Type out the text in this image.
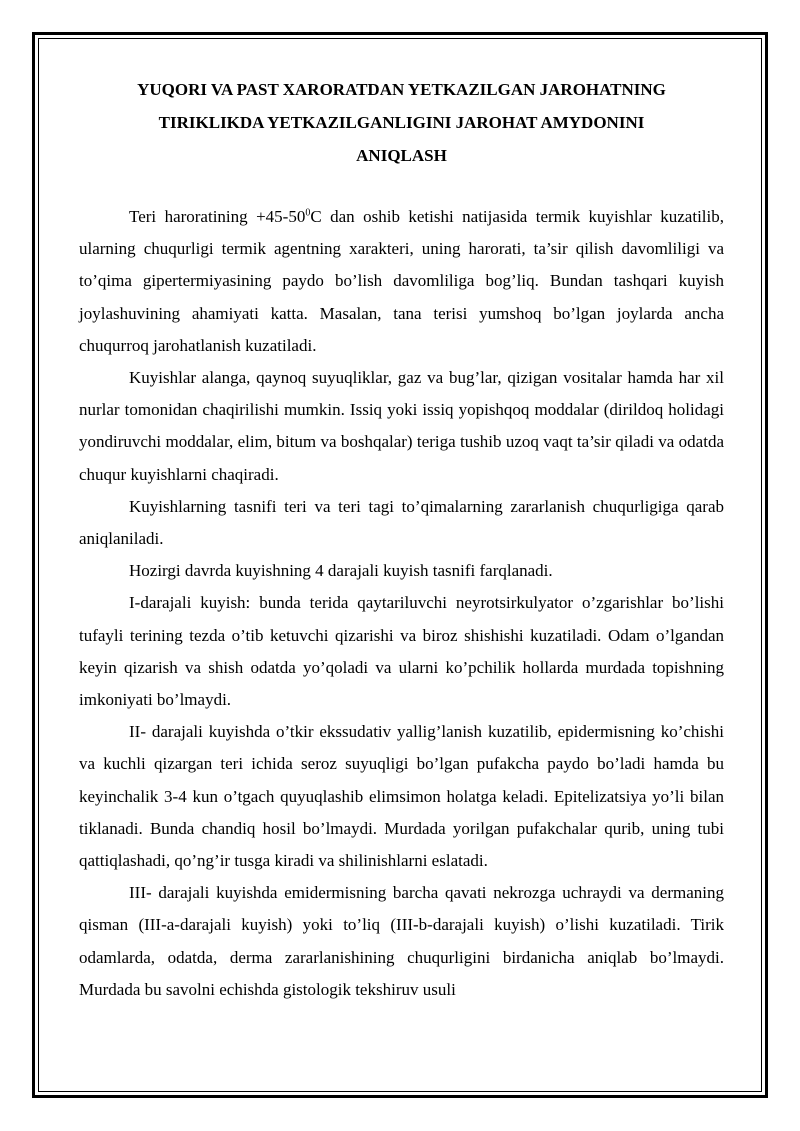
YUQORI VA PAST XARORATDAN YETKAZILGAN JAROHATNING
TIRIKLIKDA YETKAZILGANLIGINI JAROHAT AMYDONINI
ANIQLASH

Teri haroratining $+45-50^0C$ dan oshib ketishi natijasida termik kuyishlar kuzatilib, ularning chuqurligi termik agentning xarakteri, uning harorati, ta’sir qilish davomliligi va to’qima gipertermiyasining paydo bo’lish davomliliga bog’liq. Bundan tashqari kuyish joylashuvining ahamiyati katta. Masalan, tana terisi yumshoq bo’lgan joylarda ancha chuqurroq jarohatlanish kuzatiladi.

Kuyishlar alanga, qaynoq suyuqliklar, gaz va bug’lar, qizigan vositalar hamda har xil nurlar tomonidan chaqirilishi mumkin. Issiq yoki issiq yopishqoq moddalar (dirildoq holidagi yondiruvchi moddalar, elim, bitum va boshqalar) teriga tushib uzoq vaqt ta’sir qiladi va odatda chuqur kuyishlarni chaqiradi.

Kuyishlarning tasnifi teri va teri tagi to’qimalarning zararlanish chuqurligiga qarab aniqlaniladi.

Hozirgi davrda kuyishning 4 darajali kuyish tasnifi farqlanadi.

I-darajali kuyish: bunda terida qaytariluvchi neyrotsirkulyator o’zgarishlar bo’lishi tufayli terining tezda o’tib ketuvchi qizarishi va biroz shishishi kuzatiladi. Odam o’lgandan keyin qizarish va shish odatda yo’qoladi va ularni ko’pchilik hollarda murdada topishning imkoniyati bo’lmaydi.

II- darajali kuyishda o’tkir ekssudativ yallig’lanish kuzatilib, epidermisning ko’chishi va kuchli qizargan teri ichida seroz suyuqligi bo’lgan pufakcha paydo bo’ladi hamda bu keyinchalik 3-4 kun o’tgach quyuqlashib elimsimon holatga keladi. Epitelizatsiya yo’li bilan tiklanadi. Bunda chandiq hosil bo’lmaydi. Murdada yorilgan pufakchalar qurib, uning tubi qattiqlashadi, qo’ng’ir tusga kiradi va shilinishlarni eslatadi.

III- darajali kuyishda emidermisning barcha qavati nekrozga uchraydi va dermaning qisman (III-a-darajali kuyish) yoki to’liq (III-b-darajali kuyish) o’lishi kuzatiladi. Tirik odamlarda, odatda, derma zararlanishining chuqurligini birdanicha aniqlab bo’lmaydi. Murdada bu savolni echishda gistologik tekshiruv usuli
